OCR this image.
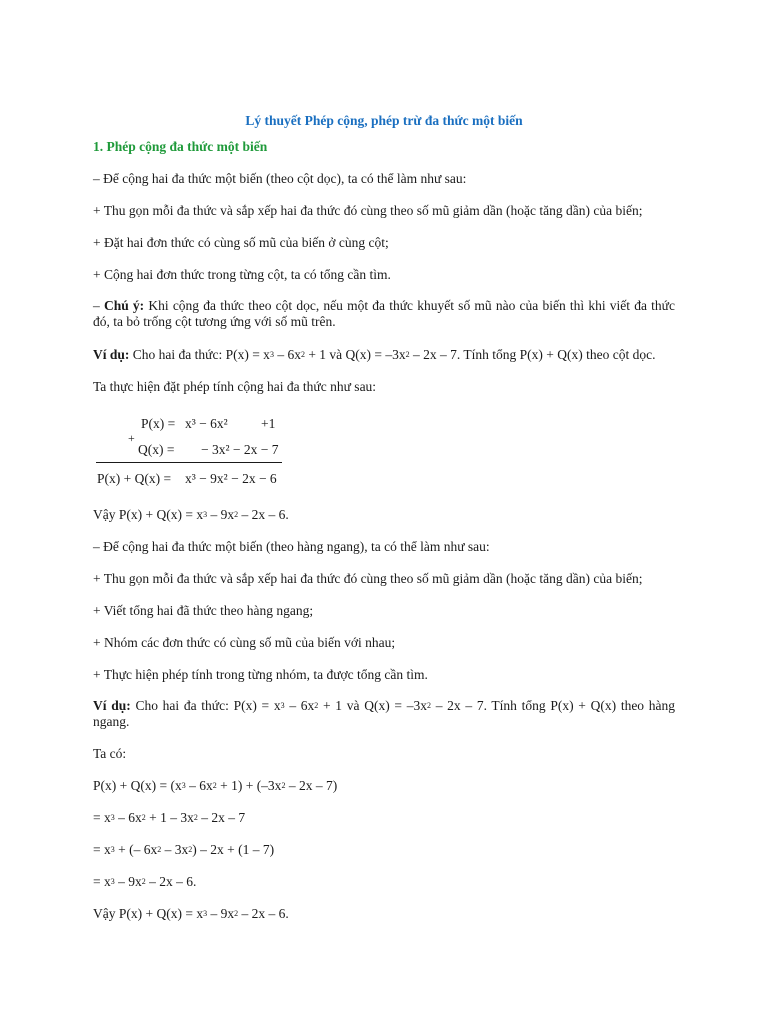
Lý thuyết Phép cộng, phép trừ đa thức một biến
1. Phép cộng đa thức một biến

– Để cộng hai đa thức một biến (theo cột dọc), ta có thể làm như sau:

+ Thu gọn mỗi đa thức và sắp xếp hai đa thức đó cùng theo số mũ giảm dần (hoặc tăng dần) của biến;

+ Đặt hai đơn thức có cùng số mũ của biến ở cùng cột;

+ Cộng hai đơn thức trong từng cột, ta có tổng cần tìm.

– Chú ý: Khi cộng đa thức theo cột dọc, nếu một đa thức khuyết số mũ nào của biến thì khi viết đa thức đó, ta bỏ trống cột tương ứng với số mũ trên.

Ví dụ: Cho hai đa thức: $P(x) = x^3 - 6x^2 + 1$ và $Q(x) = -3x^2 - 2x - 7$. Tính tổng P(x) + Q(x) theo cột dọc.

Ta thực hiện đặt phép tính cộng hai đa thức như sau:

P(x) = x³ − 6x² +1
+
Q(x) = − 3x² − 2x − 7
P(x) + Q(x) = x³ − 9x² − 2x − 6

Vậy $P(x) + Q(x) = x^3 - 9x^2 - 2x - 6$.

– Để cộng hai đa thức một biến (theo hàng ngang), ta có thể làm như sau:

+ Thu gọn mỗi đa thức và sắp xếp hai đa thức đó cùng theo số mũ giảm dần (hoặc tăng dần) của biến;

+ Viết tổng hai đã thức theo hàng ngang;

+ Nhóm các đơn thức có cùng số mũ của biến với nhau;

+ Thực hiện phép tính trong từng nhóm, ta được tổng cần tìm.

Ví dụ: Cho hai đa thức: $P(x) = x^3 - 6x^2 + 1$ và $Q(x) = -3x^2 - 2x - 7$. Tính tổng P(x) + Q(x) theo hàng ngang.

Ta có:

$P(x) + Q(x) = (x^3 - 6x^2 + 1) + (-3x^2 - 2x - 7)$

= $x^3 - 6x^2 + 1 - 3x^2 - 2x - 7$

= $x^3$ + (– $6x^2 - 3x^2) - 2x + (1 - 7)$

= $x^3 - 9x^2 - 2x - 6$.

Vậy $P(x) + Q(x) = x^3 - 9x^2 - 2x - 6$.
